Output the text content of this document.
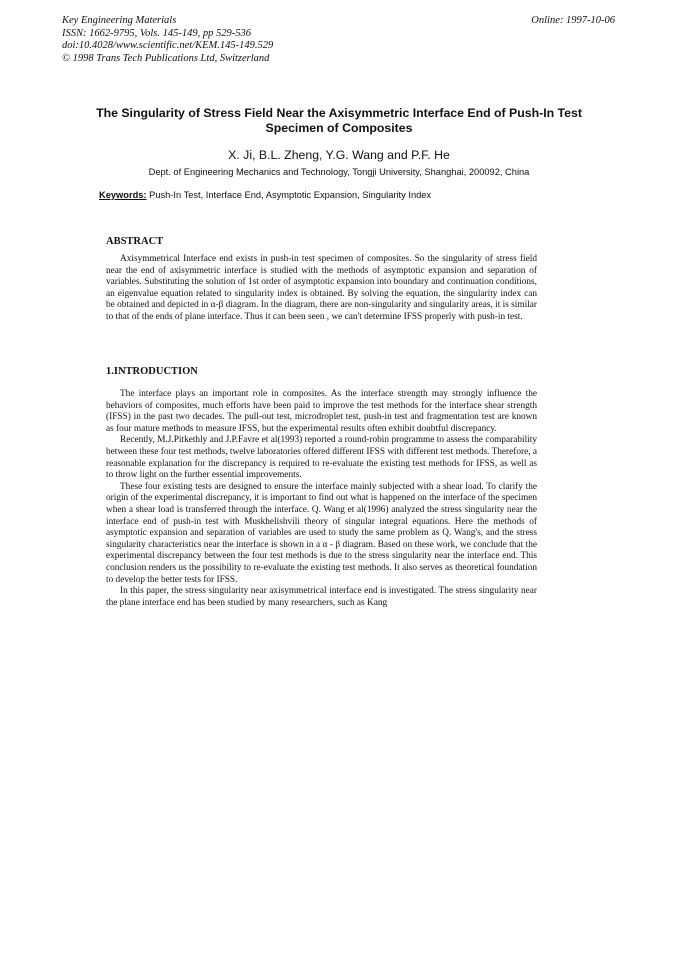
Key Engineering Materials
ISSN: 1662-9795, Vols. 145-149, pp 529-536
doi:10.4028/www.scientific.net/KEM.145-149.529
© 1998 Trans Tech Publications Ltd, Switzerland
Online: 1997-10-06
The Singularity of Stress Field Near the Axisymmetric Interface End of Push-In Test Specimen of Composites
X. Ji, B.L. Zheng, Y.G. Wang and P.F. He
Dept. of Engineering Mechanics and Technology, Tongji University, Shanghai, 200092, China
Keywords: Push-In Test, Interface End, Asymptotic Expansion, Singularity Index
ABSTRACT
Axisymmetrical Interface end exists in push-in test specimen of composites. So the singularity of stress field near the end of axisymmetric interface is studied with the methods of asymptotic expansion and separation of variables. Substituting the solution of 1st order of asymptotic expansion into boundary and continuation conditions, an eigenvalue equation related to singularity index is obtained. By solving the equation, the singularity index can be obtained and depicted in α-β diagram. In the diagram, there are non-singularity and singularity areas, it is similar to that of the ends of plane interface. Thus it can been seen , we can't determine IFSS properly with push-in test.
1.INTRODUCTION

The interface plays an important role in composites. As the interface strength may strongly influence the behaviors of composites, much efforts have been paid to improve the test methods for the interface shear strength (IFSS) in the past two decades. The pull-out test, microdroplet test, push-in test and fragmentation test are known as four mature methods to measure IFSS, but the experimental results often exhibit doubtful discrepancy.

Recently, M.J.Pitkethly and J.P.Favre et al(1993) reported a round-robin programme to assess the comparability between these four test methods, twelve laboratories offered different IFSS with different test methods. Therefore, a reasonable explanation for the discrepancy is required to re-evaluate the existing test methods for IFSS, as well as to throw light on the further essential improvements.

These four existing tests are designed to ensure the interface mainly subjected with a shear load. To clarify the origin of the experimental discrepancy, it is important to find out what is happened on the interface of the specimen when a shear load is transferred through the interface. Q. Wang et al(1996) analyzed the stress singularity near the interface end of push-in test with Muskhelishvili theory of singular integral equations. Here the methods of asymptotic expansion and separation of variables are used to study the same problem as Q. Wang's, and the stress singularity characteristics near the interface is shown in a α - β diagram. Based on these work, we conclude that the experimental discrepancy between the four test methods is due to the stress singularity near the interface end. This conclusion renders us the possibility to re-evaluate the existing test methods. It also serves as theoretical foundation to develop the better tests for IFSS.

In this paper, the stress singularity near axisymmetrical interface end is investigated. The stress singularity near the plane interface end has been studied by many researchers, such as Kang
